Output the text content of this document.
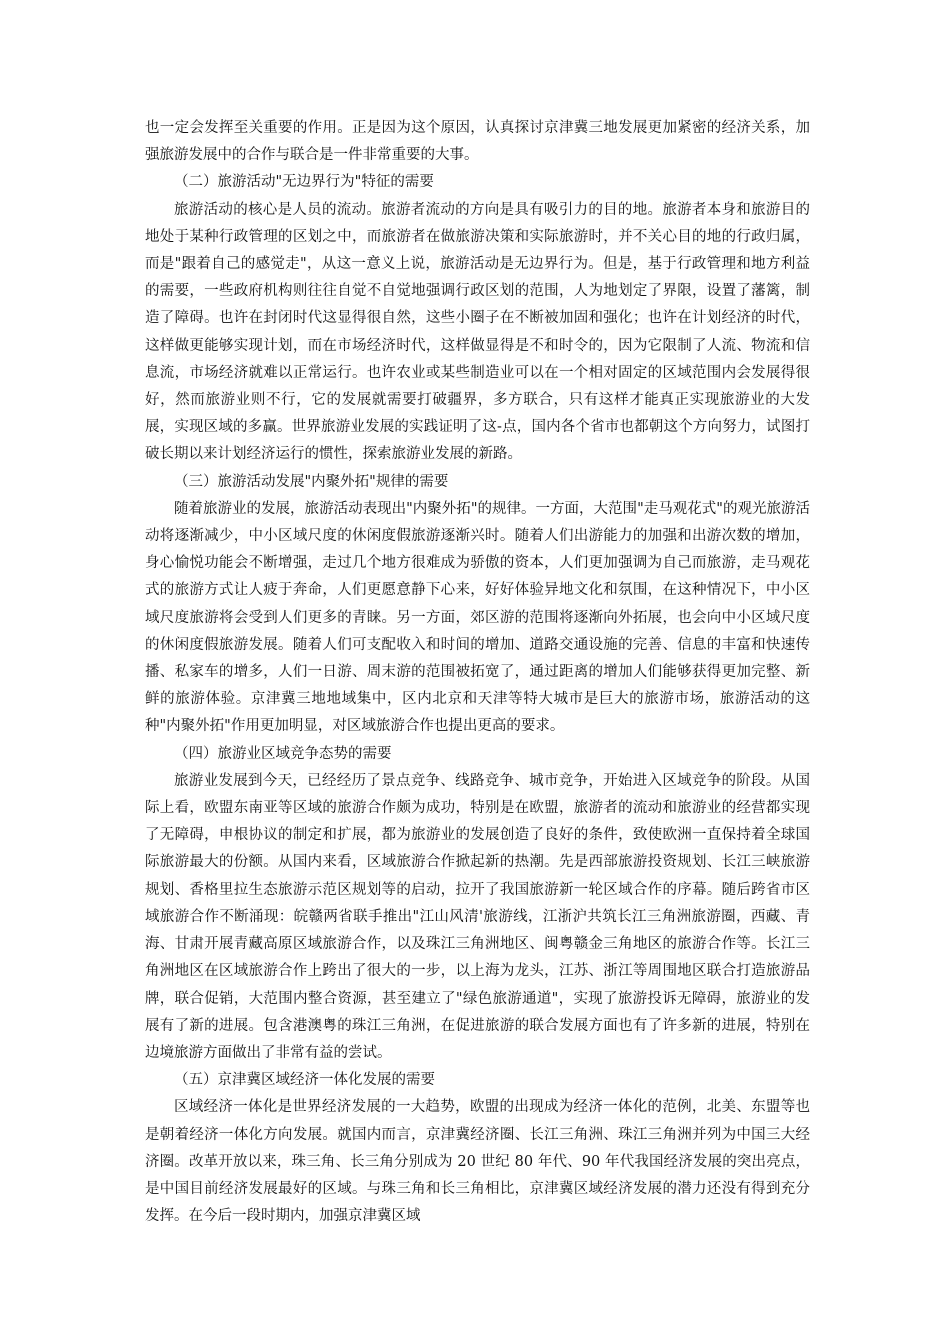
也一定会发挥至关重要的作用。正是因为这个原因，认真探讨京津冀三地发展更加紧密的经济关系，加强旅游发展中的合作与联合是一件非常重要的大事。

（二）旅游活动"无边界行为"特征的需要

旅游活动的核心是人员的流动。旅游者流动的方向是具有吸引力的目的地。旅游者本身和旅游目的地处于某种行政管理的区划之中，而旅游者在做旅游决策和实际旅游时，并不关心目的地的行政归属，而是"跟着自己的感觉走"，从这一意义上说，旅游活动是无边界行为。但是，基于行政管理和地方利益的需要，一些政府机构则往往自觉不自觉地强调行政区划的范围，人为地划定了界限，设置了藩篱，制造了障碍。也许在封闭时代这显得很自然，这些小圈子在不断被加固和强化；也许在计划经济的时代，这样做更能够实现计划，而在市场经济时代，这样做显得是不和时令的，因为它限制了人流、物流和信息流，市场经济就难以正常运行。也许农业或某些制造业可以在一个相对固定的区域范围内会发展得很好，然而旅游业则不行，它的发展就需要打破疆界，多方联合，只有这样才能真正实现旅游业的大发展，实现区域的多赢。世界旅游业发展的实践证明了这-点，国内各个省市也都朝这个方向努力，试图打破长期以来计划经济运行的惯性，探索旅游业发展的新路。

（三）旅游活动发展"内聚外拓"规律的需要

随着旅游业的发展，旅游活动表现出"内聚外拓"的规律。一方面，大范围"走马观花式"的观光旅游活动将逐渐减少，中小区域尺度的休闲度假旅游逐渐兴时。随着人们出游能力的加强和出游次数的增加，身心愉悦功能会不断增强，走过几个地方很难成为骄傲的资本，人们更加强调为自己而旅游，走马观花式的旅游方式让人疲于奔命，人们更愿意静下心来，好好体验异地文化和氛围，在这种情况下，中小区域尺度旅游将会受到人们更多的青睐。另一方面，郊区游的范围将逐渐向外拓展，也会向中小区域尺度的休闲度假旅游发展。随着人们可支配收入和时间的增加、道路交通设施的完善、信息的丰富和快速传播、私家车的增多，人们一日游、周末游的范围被拓宽了，通过距离的增加人们能够获得更加完整、新鲜的旅游体验。京津冀三地地域集中，区内北京和天津等特大城市是巨大的旅游市场，旅游活动的这种"内聚外拓"作用更加明显，对区域旅游合作也提出更高的要求。

（四）旅游业区域竞争态势的需要

旅游业发展到今天，已经经历了景点竞争、线路竞争、城市竞争，开始进入区域竞争的阶段。从国际上看，欧盟东南亚等区域的旅游合作颇为成功，特别是在欧盟，旅游者的流动和旅游业的经营都实现了无障碍，申根协议的制定和扩展，都为旅游业的发展创造了良好的条件，致使欧洲一直保持着全球国际旅游最大的份额。从国内来看，区域旅游合作掀起新的热潮。先是西部旅游投资规划、长江三峡旅游规划、香格里拉生态旅游示范区规划等的启动，拉开了我国旅游新一轮区域合作的序幕。随后跨省市区域旅游合作不断涌现：皖赣两省联手推出"江山风清'旅游线，江浙沪共筑长江三角洲旅游圈，西藏、青海、甘肃开展青藏高原区域旅游合作，以及珠江三角洲地区、闽粤赣金三角地区的旅游合作等。长江三角洲地区在区域旅游合作上跨出了很大的一步，以上海为龙头，江苏、浙江等周围地区联合打造旅游品牌，联合促销，大范围内整合资源，甚至建立了"绿色旅游通道"，实现了旅游投诉无障碍，旅游业的发展有了新的进展。包含港澳粤的珠江三角洲，在促进旅游的联合发展方面也有了许多新的进展，特别在边境旅游方面做出了非常有益的尝试。

（五）京津冀区域经济一体化发展的需要

区域经济一体化是世界经济发展的一大趋势，欧盟的出现成为经济一体化的范例，北美、东盟等也是朝着经济一体化方向发展。就国内而言，京津冀经济圈、长江三角洲、珠江三角洲并列为中国三大经济圈。改革开放以来，珠三角、长三角分别成为 20 世纪 80 年代、90 年代我国经济发展的突出亮点，是中国目前经济发展最好的区域。与珠三角和长三角相比，京津冀区域经济发展的潜力还没有得到充分发挥。在今后一段时期内，加强京津冀区域
